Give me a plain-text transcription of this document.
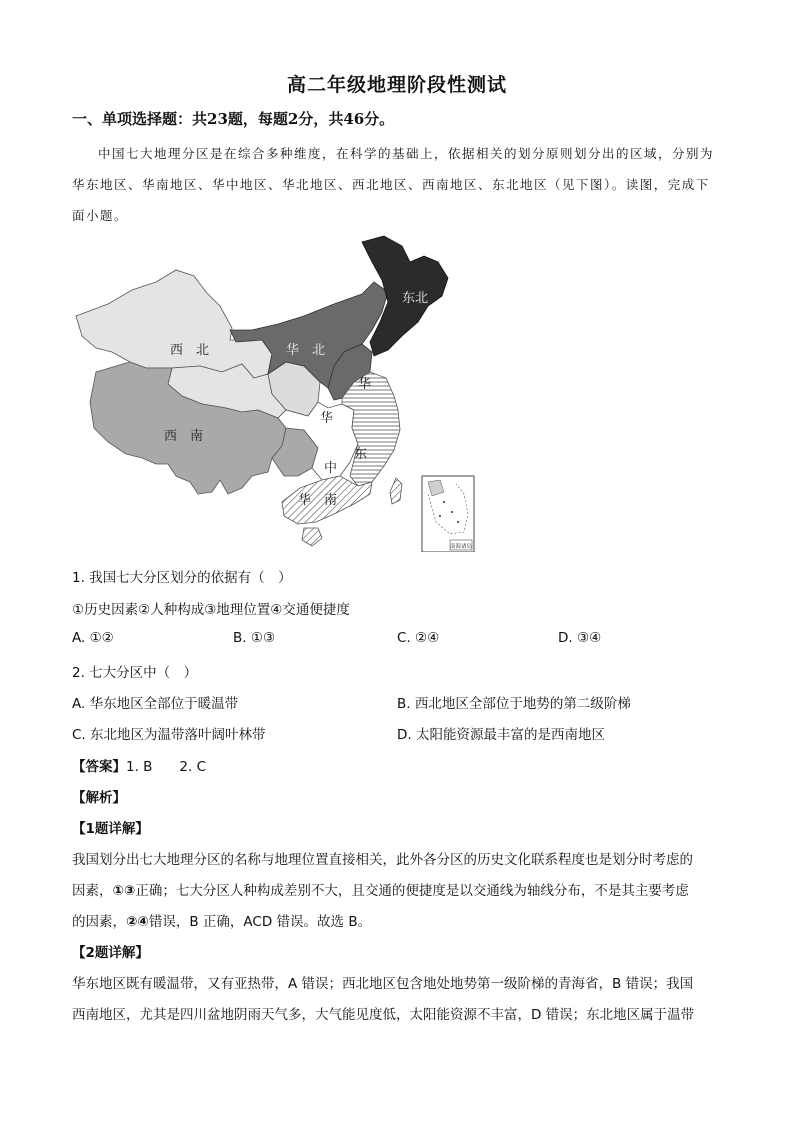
高二年级地理阶段性测试
一、单项选择题：共23题，每题2分，共46分。
中国七大地理分区是在综合多种维度，在科学的基础上，依据相关的划分原则划分出的区域，分别为华东地区、华南地区、华中地区、华北地区、西北地区、西南地区、东北地区（见下图）。读图，完成下面小题。
南海诸岛
西　北	华　北
东北
西　南
华　南
华
东
华
中
1. 我国七大分区划分的依据有（　）
①历史因素②人种构成③地理位置④交通便捷度
A. ①②	B. ①③	C. ②④	D. ③④
2. 七大分区中（　）
A. 华东地区全部位于暖温带	B. 西北地区全部位于地势的第二级阶梯
C. 东北地区为温带落叶阔叶林带	D. 太阳能资源最丰富的是西南地区
【答案】1. B　　2. C
【解析】
【1题详解】
我国划分出七大地理分区的名称与地理位置直接相关，此外各分区的历史文化联系程度也是划分时考虑的
因素，①③正确；七大分区人种构成差别不大，且交通的便捷度是以交通线为轴线分布，不是其主要考虑
的因素，②④错误，B 正确，ACD 错误。故选 B。
【2题详解】
华东地区既有暖温带，又有亚热带，A 错误；西北地区包含地处地势第一级阶梯的青海省，B 错误；我国
西南地区，尤其是四川盆地阴雨天气多，大气能见度低，太阳能资源不丰富，D 错误；东北地区属于温带
